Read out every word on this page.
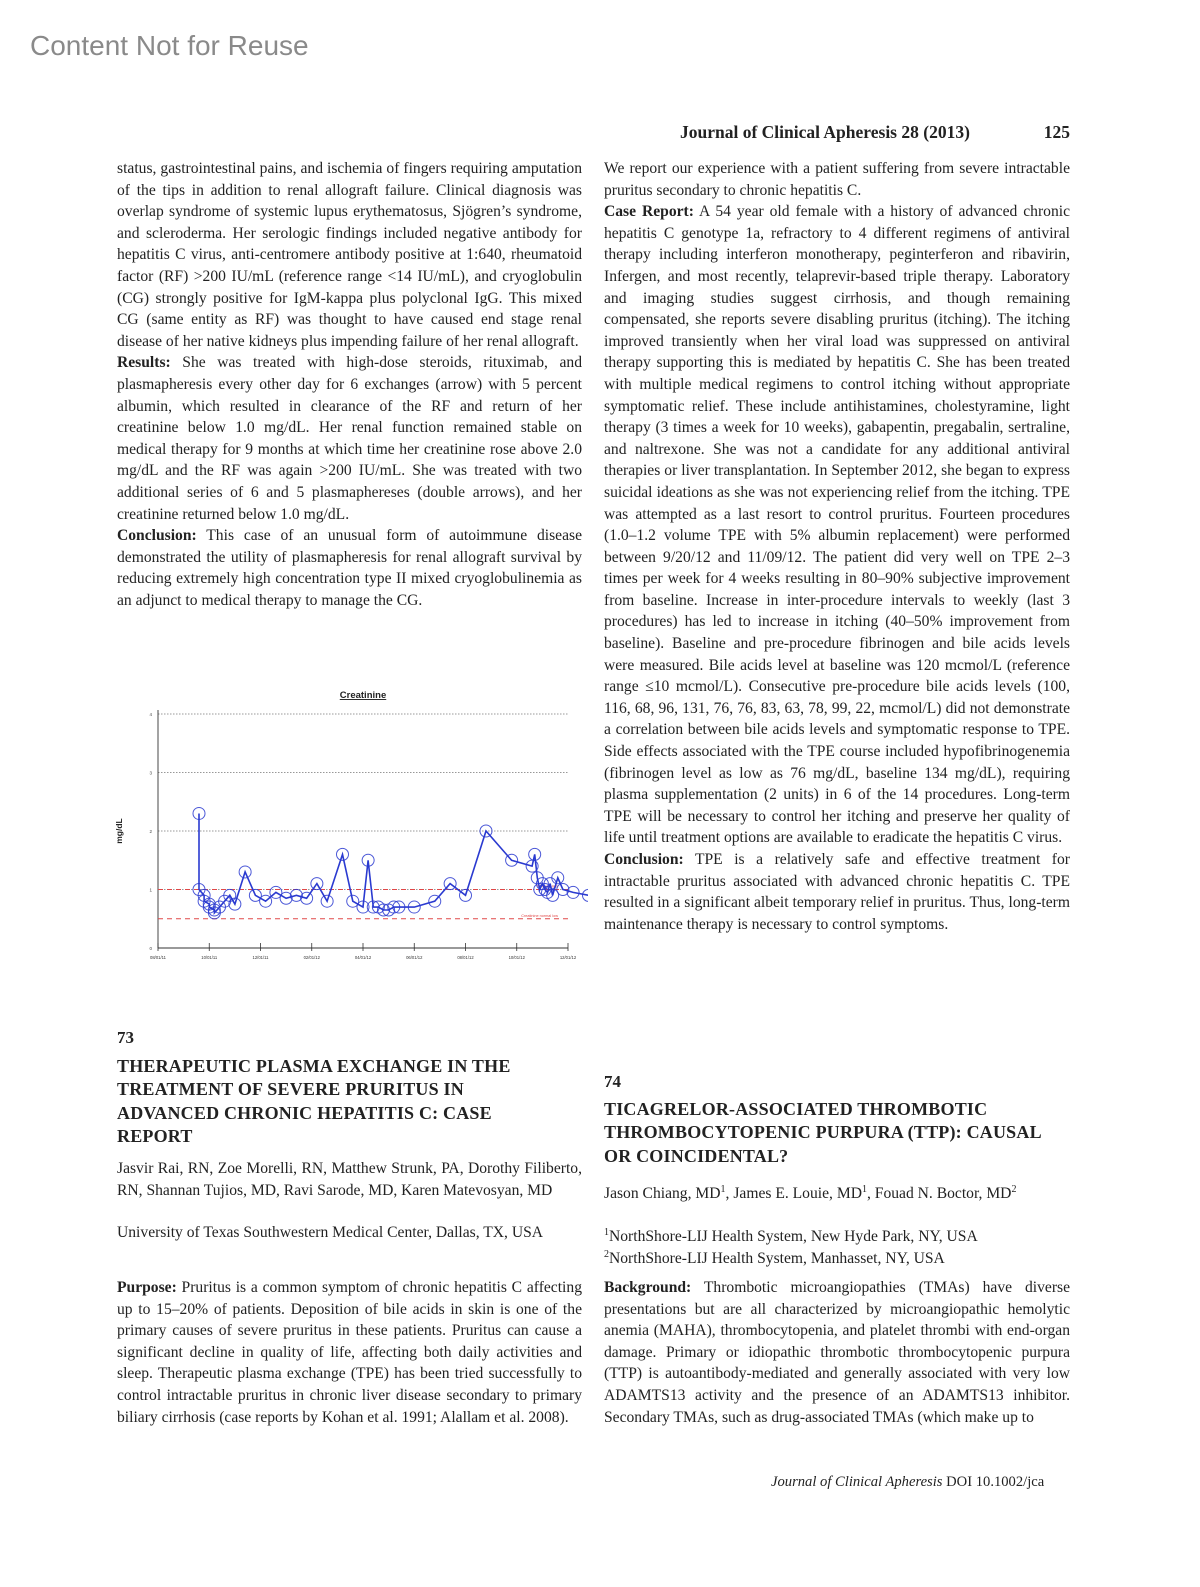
Content Not for Reuse
Journal of Clinical Apheresis 28 (2013)	125

status, gastrointestinal pains, and ischemia of fingers requiring amputation of the tips in addition to renal allograft failure. Clinical diagnosis was overlap syndrome of systemic lupus erythematosus, Sjögren’s syndrome, and scleroderma. Her serologic findings included negative antibody for hepatitis C virus, anti-centromere antibody positive at 1:640, rheumatoid factor (RF) >200 IU/mL (reference range <14 IU/mL), and cryoglobulin (CG) strongly positive for IgM-kappa plus polyclonal IgG. This mixed CG (same entity as RF) was thought to have caused end stage renal disease of her native kidneys plus impending failure of her renal allograft.

Results: She was treated with high-dose steroids, rituximab, and plasmapheresis every other day for 6 exchanges (arrow) with 5 percent albumin, which resulted in clearance of the RF and return of her creatinine below 1.0 mg/dL. Her renal function remained stable on medical therapy for 9 months at which time her creatinine rose above 2.0 mg/dL and the RF was again >200 IU/mL. She was treated with two additional series of 6 and 5 plasmaphereses (double arrows), and her creatinine returned below 1.0 mg/dL.

Conclusion: This case of an unusual form of autoimmune disease demonstrated the utility of plasmapheresis for renal allograft survival by reducing extremely high concentration type II mixed cryoglobulinemia as an adjunct to medical therapy to manage the CG.

Creatinine
mg/dL
0
1
2
3
4
08/01/11	10/01/11	12/01/11	02/01/12	04/01/12	06/01/12	08/01/12	10/01/12	12/01/12
Normal High
Creatinine normal low
73
THERAPEUTIC PLASMA EXCHANGE IN THE TREATMENT OF SEVERE PRURITUS IN ADVANCED CHRONIC HEPATITIS C: CASE REPORT

Jasvir Rai, RN, Zoe Morelli, RN, Matthew Strunk, PA, Dorothy Filiberto, RN, Shannan Tujios, MD, Ravi Sarode, MD, Karen Matevosyan, MD

University of Texas Southwestern Medical Center, Dallas, TX, USA

Purpose: Pruritus is a common symptom of chronic hepatitis C affecting up to 15–20% of patients. Deposition of bile acids in skin is one of the primary causes of severe pruritus in these patients. Pruritus can cause a significant decline in quality of life, affecting both daily activities and sleep. Therapeutic plasma exchange (TPE) has been tried successfully to control intractable pruritus in chronic liver disease secondary to primary biliary cirrhosis (case reports by Kohan et al. 1991; Alallam et al. 2008).

We report our experience with a patient suffering from severe intractable pruritus secondary to chronic hepatitis C.

Case Report: A 54 year old female with a history of advanced chronic hepatitis C genotype 1a, refractory to 4 different regimens of antiviral therapy including interferon monotherapy, peginterferon and ribavirin, Infergen, and most recently, telaprevir-based triple therapy. Laboratory and imaging studies suggest cirrhosis, and though remaining compensated, she reports severe disabling pruritus (itching). The itching improved transiently when her viral load was suppressed on antiviral therapy supporting this is mediated by hepatitis C. She has been treated with multiple medical regimens to control itching without appropriate symptomatic relief. These include antihistamines, cholestyramine, light therapy (3 times a week for 10 weeks), gabapentin, pregabalin, sertraline, and naltrexone. She was not a candidate for any additional antiviral therapies or liver transplantation. In September 2012, she began to express suicidal ideations as she was not experiencing relief from the itching. TPE was attempted as a last resort to control pruritus. Fourteen procedures (1.0–1.2 volume TPE with 5% albumin replacement) were performed between 9/20/12 and 11/09/12. The patient did very well on TPE 2–3 times per week for 4 weeks resulting in 80–90% subjective improvement from baseline. Increase in inter-procedure intervals to weekly (last 3 procedures) has led to increase in itching (40–50% improvement from baseline). Baseline and pre-procedure fibrinogen and bile acids levels were measured. Bile acids level at baseline was 120 mcmol/L (reference range ≤10 mcmol/L). Consecutive pre-procedure bile acids levels (100, 116, 68, 96, 131, 76, 76, 83, 63, 78, 99, 22, mcmol/L) did not demonstrate a correlation between bile acids levels and symptomatic response to TPE. Side effects associated with the TPE course included hypofibrinogenemia (fibrinogen level as low as 76 mg/dL, baseline 134 mg/dL), requiring plasma supplementation (2 units) in 6 of the 14 procedures. Long-term TPE will be necessary to control her itching and preserve her quality of life until treatment options are available to eradicate the hepatitis C virus.

Conclusion: TPE is a relatively safe and effective treatment for intractable pruritus associated with advanced chronic hepatitis C. TPE resulted in a significant albeit temporary relief in pruritus. Thus, long-term maintenance therapy is necessary to control symptoms.

74
TICAGRELOR-ASSOCIATED THROMBOTIC THROMBOCYTOPENIC PURPURA (TTP): CAUSAL OR COINCIDENTAL?

Jason Chiang, $MD^1$, James E. Louie, $MD^1$, Fouad N. Boctor, $MD^2$

$^1$NorthShore-LIJ Health System, New Hyde Park, NY, USA

$^2$NorthShore-LIJ Health System, Manhasset, NY, USA

Background: Thrombotic microangiopathies (TMAs) have diverse presentations but are all characterized by microangiopathic hemolytic anemia (MAHA), thrombocytopenia, and platelet thrombi with end-organ damage. Primary or idiopathic thrombotic thrombocytopenic purpura (TTP) is autoantibody-mediated and generally associated with very low ADAMTS13 activity and the presence of an ADAMTS13 inhibitor. Secondary TMAs, such as drug-associated TMAs (which make up to

Journal of Clinical Apheresis DOI 10.1002/jca
